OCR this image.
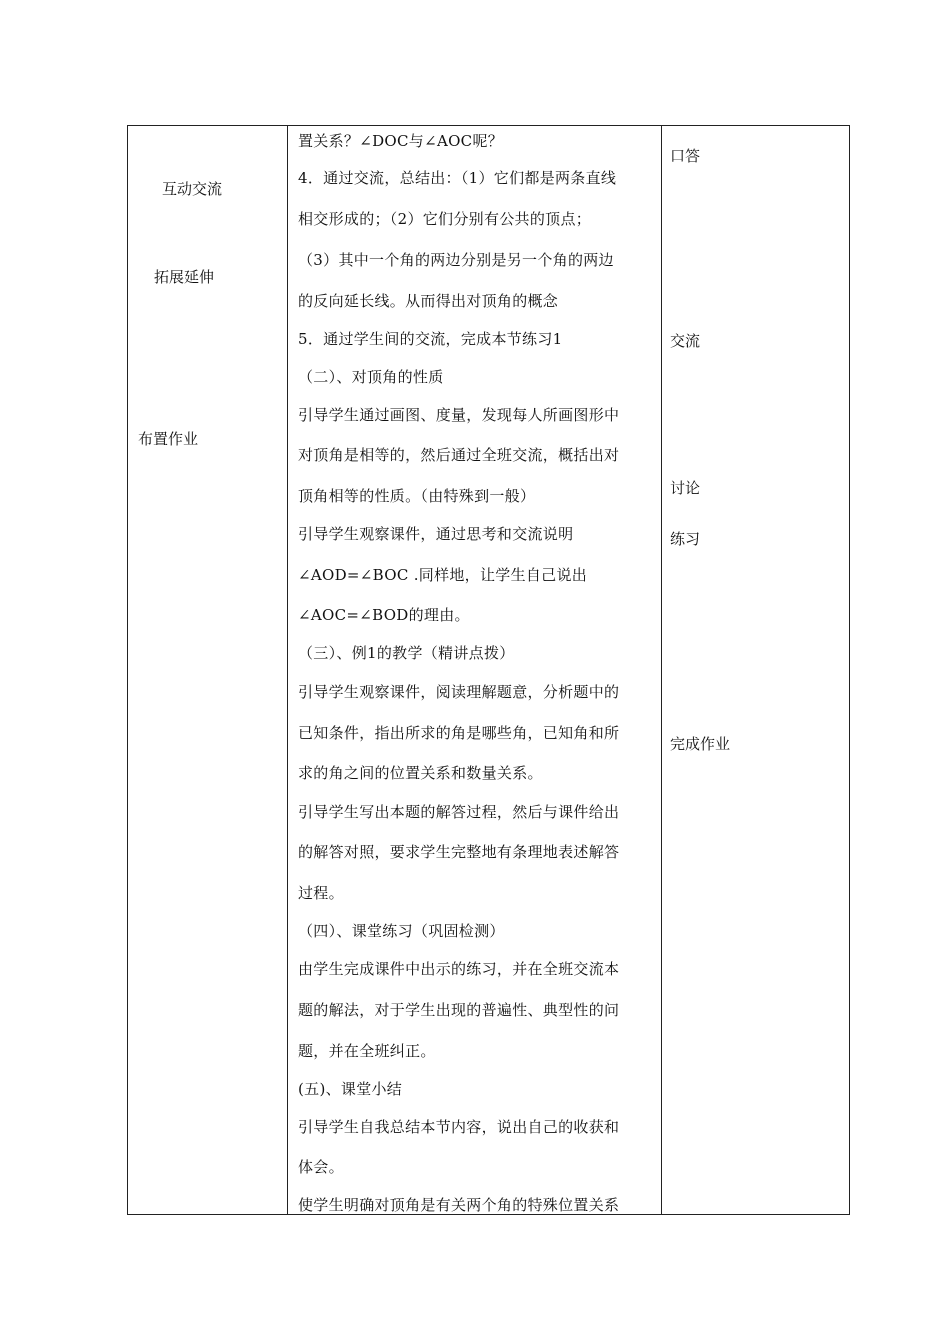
互动交流
拓展延伸
布置作业
口答
交流
讨论
练习
完成作业
置关系？∠DOC与∠AOC呢？
4．通过交流，总结出：（1）它们都是两条直线
相交形成的；（2）它们分别有公共的顶点；
（3）其中一个角的两边分别是另一个角的两边
的反向延长线。从而得出对顶角的概念
5．通过学生间的交流，完成本节练习1
（二）、对顶角的性质
引导学生通过画图、度量，发现每人所画图形中
对顶角是相等的，然后通过全班交流，概括出对
顶角相等的性质。（由特殊到一般）
引导学生观察课件，通过思考和交流说明
∠AOD=∠BOC .同样地，让学生自己说出
∠AOC=∠BOD的理由。
（三）、例1的教学（精讲点拨）
引导学生观察课件，阅读理解题意，分析题中的
已知条件，指出所求的角是哪些角，已知角和所
求的角之间的位置关系和数量关系。
引导学生写出本题的解答过程，然后与课件给出
的解答对照，要求学生完整地有条理地表述解答
过程。
（四）、课堂练习（巩固检测）
由学生完成课件中出示的练习，并在全班交流本
题的解法，对于学生出现的普遍性、典型性的问
题，并在全班纠正。
(五)、课堂小结
引导学生自我总结本节内容，说出自己的收获和
体会。
使学生明确对顶角是有关两个角的特殊位置关系
